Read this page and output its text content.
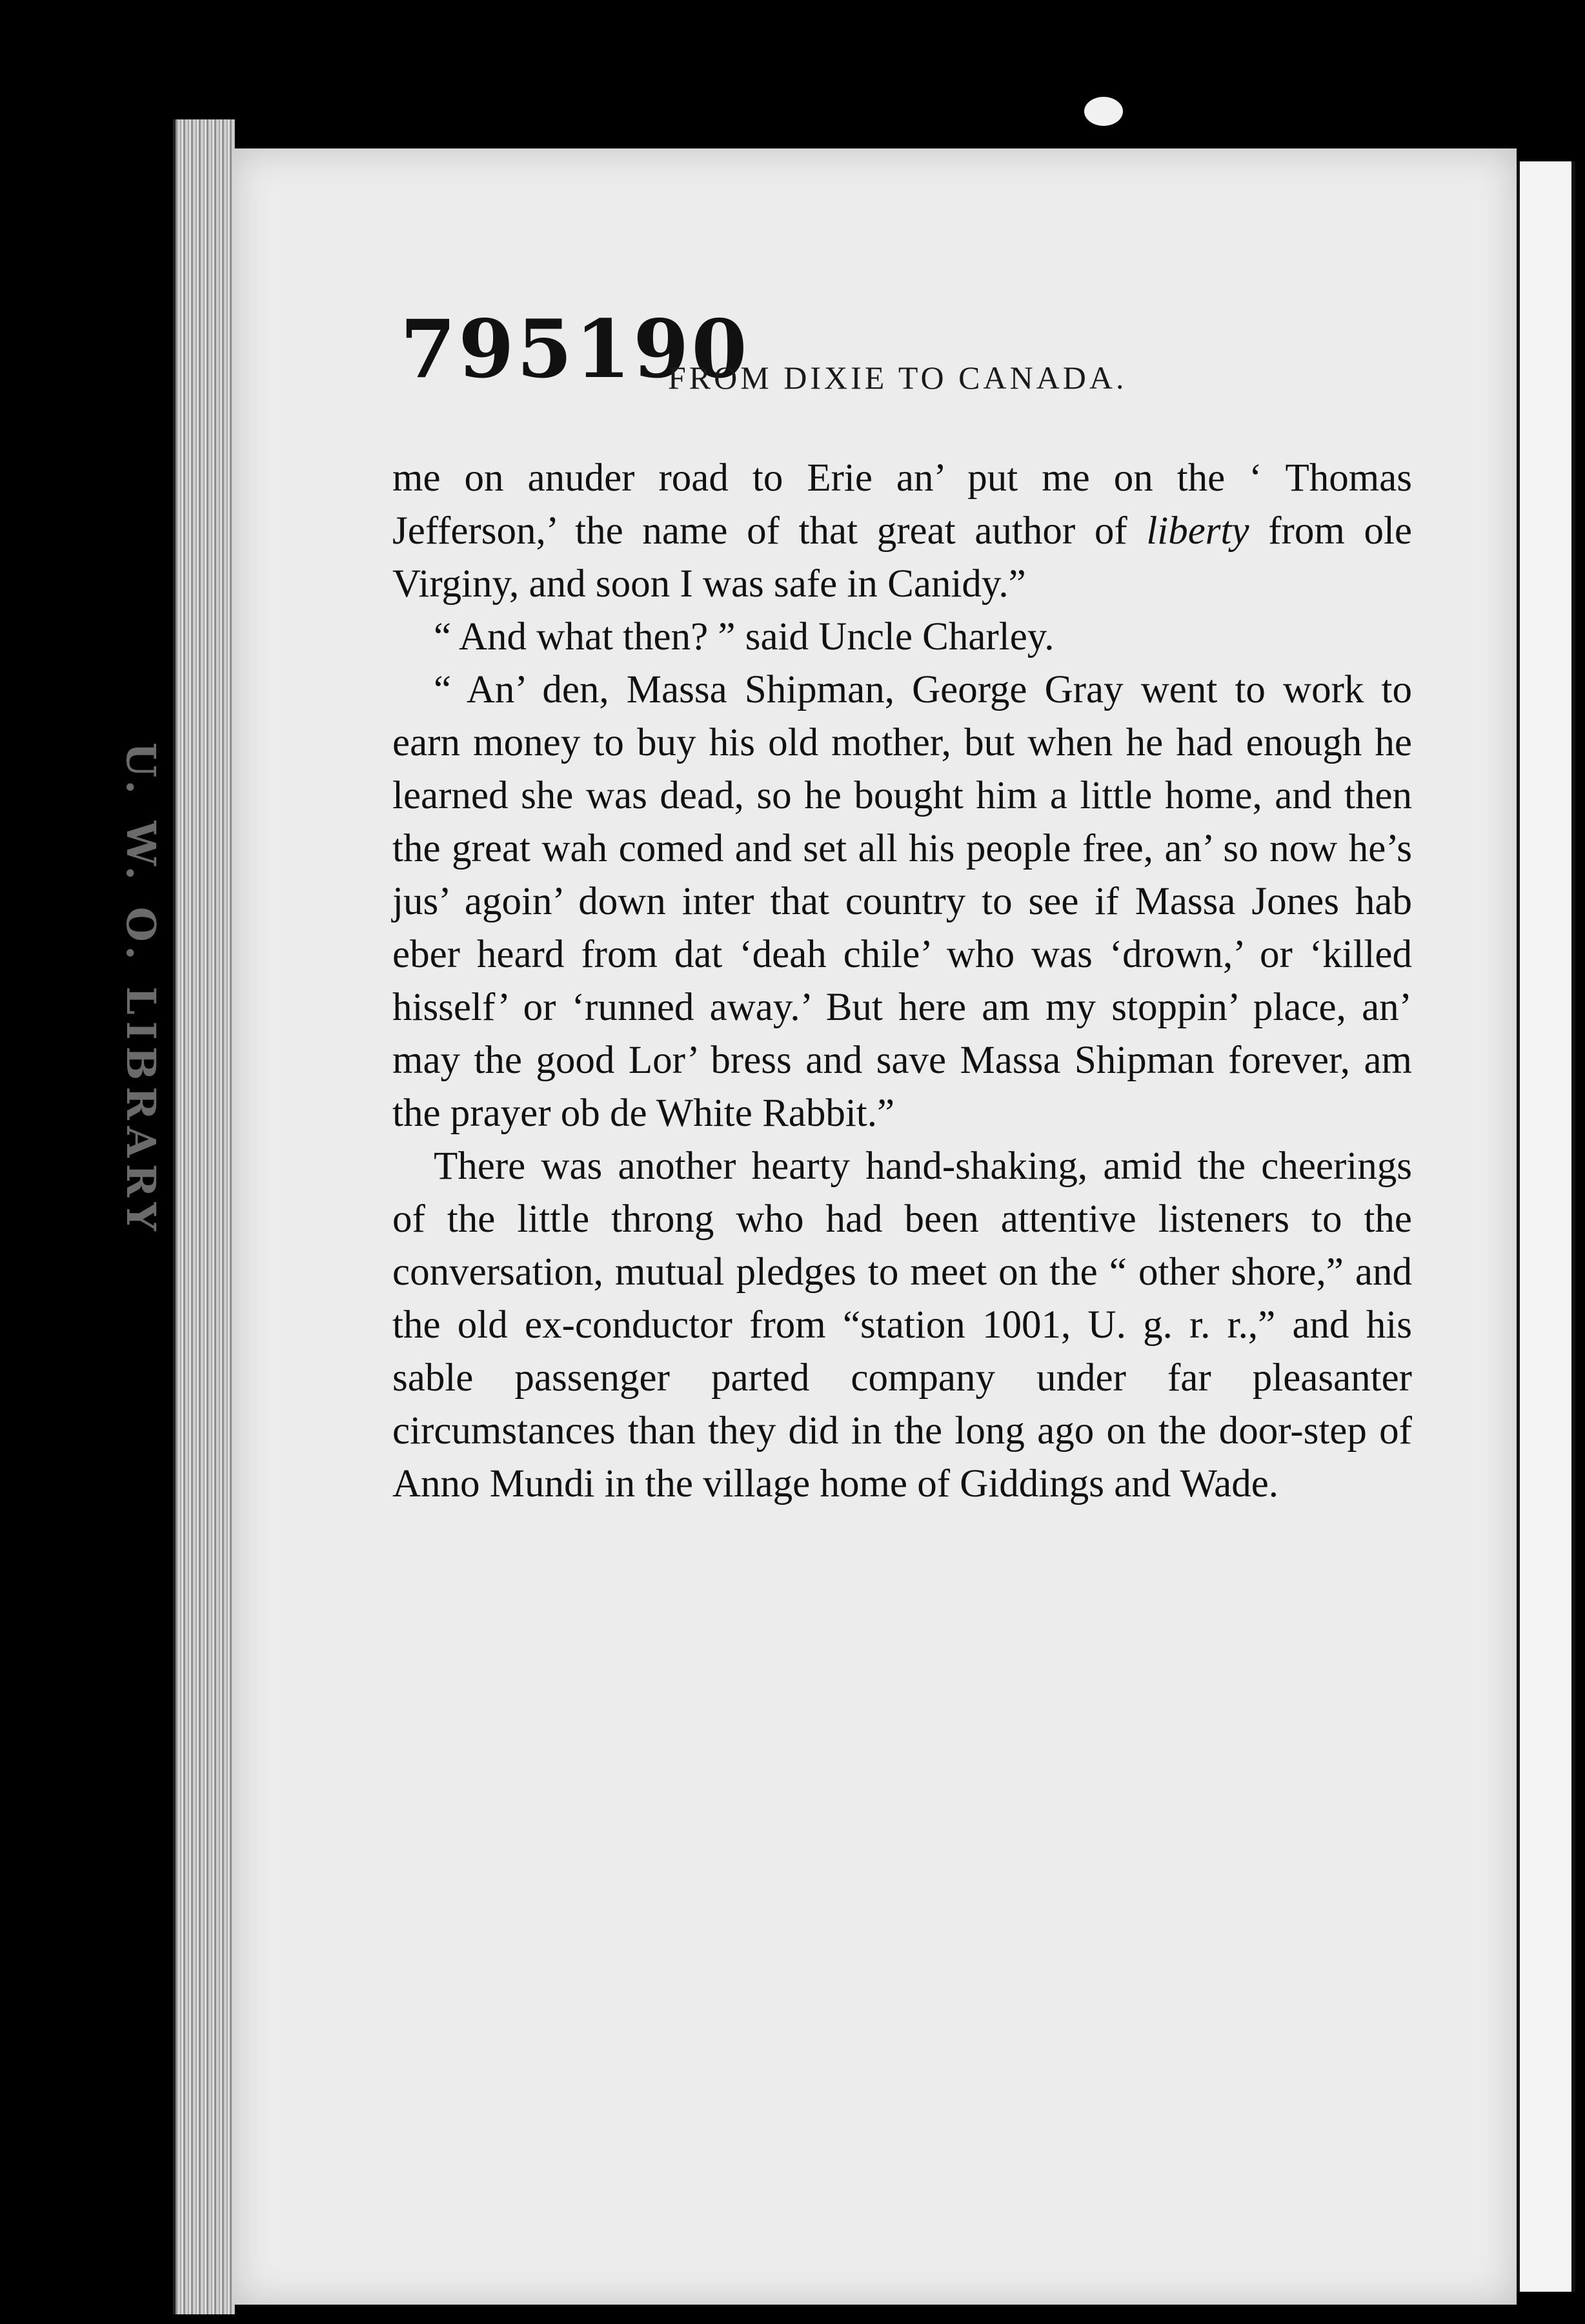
U. W. O. LIBRARY
795190
FROM DIXIE TO CANADA.

me on anuder road to Erie an’ put me on the ‘ Thomas Jefferson,’ the name of that great author of liberty from ole Virginy, and soon I was safe in Canidy.”

“ And what then? ” said Uncle Charley.

“ An’ den, Massa Shipman, George Gray went to work to earn money to buy his old mother, but when he had enough he learned she was dead, so he bought him a little home, and then the great wah comed and set all his people free, an’ so now he’s jus’ agoin’ down inter that country to see if Massa Jones hab eber heard from dat ‘deah chile’ who was ‘drown,’ or ‘killed hisself’ or ‘runned away.’ But here am my stoppin’ place, an’ may the good Lor’ bress and save Massa Shipman forever, am the prayer ob de White Rabbit.”

There was another hearty hand-shaking, amid the cheerings of the little throng who had been attentive listeners to the conversation, mutual pledges to meet on the “ other shore,” and the old ex-conductor from “station 1001, U. g. r. r.,” and his sable passenger parted company under far pleasanter circumstances than they did in the long ago on the door-step of Anno Mundi in the village home of Giddings and Wade.
